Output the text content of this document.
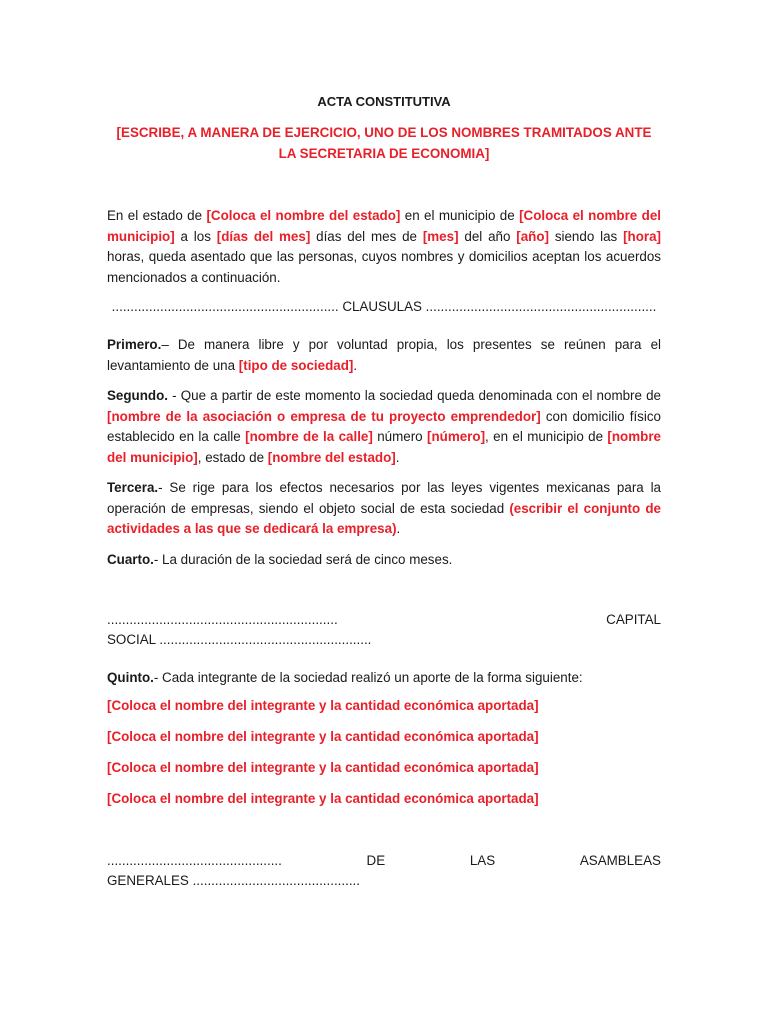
ACTA CONSTITUTIVA

[ESCRIBE, A MANERA DE EJERCICIO, UNO DE LOS NOMBRES TRAMITADOS ANTE LA SECRETARIA DE ECONOMIA]

En el estado de [Coloca el nombre del estado] en el municipio de [Coloca el nombre del municipio] a los [días del mes] días del mes de [mes] del año [año] siendo las [hora] horas, queda asentado que las personas, cuyos nombres y domicilios aceptan los acuerdos mencionados a continuación.

............................................................. CLAUSULAS ..............................................................

Primero.– De manera libre y por voluntad propia, los presentes se reúnen para el levantamiento de una [tipo de sociedad].

Segundo. - Que a partir de este momento la sociedad queda denominada con el nombre de [nombre de la asociación o empresa de tu proyecto emprendedor] con domicilio físico establecido en la calle [nombre de la calle] número [número], en el municipio de [nombre del municipio], estado de [nombre del estado].

Tercera.- Se rige para los efectos necesarios por las leyes vigentes mexicanas para la operación de empresas, siendo el objeto social de esta sociedad (escribir el conjunto de actividades a las que se dedicará la empresa).

Cuarto.- La duración de la sociedad será de cinco meses.

..............................................................	CAPITAL

SOCIAL .........................................................

Quinto.- Cada integrante de la sociedad realizó un aporte de la forma siguiente:

[Coloca el nombre del integrante y la cantidad económica aportada]

[Coloca el nombre del integrante y la cantidad económica aportada]

[Coloca el nombre del integrante y la cantidad económica aportada]

[Coloca el nombre del integrante y la cantidad económica aportada]

...............................................	DE	LAS	ASAMBLEAS

GENERALES .............................................
